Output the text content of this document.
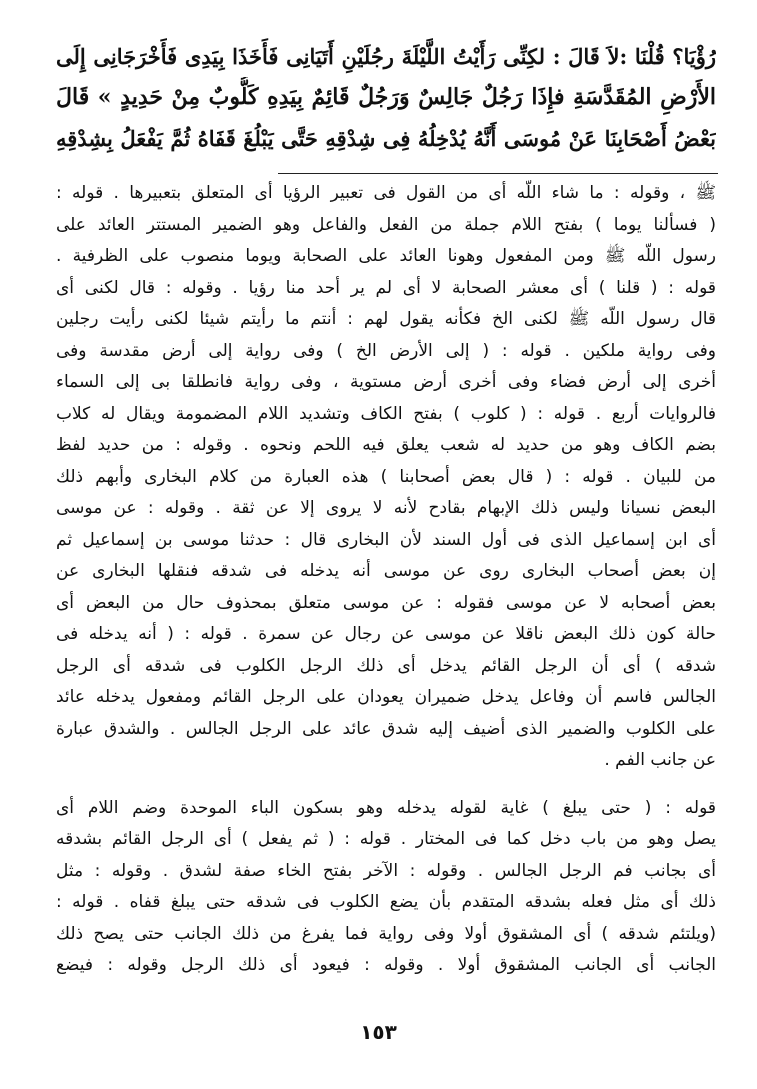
رُؤْيَا؟ قُلْنَا :لاَ قَالَ : لكِنِّى رَأَيْتُ اللَّيْلَةَ رجُلَيْنِ أَتَيَانِى فَأَخَذَا بِيَدِى فَأَخْرَجَانِى إِلَى
الأَرْضِ المُقَدَّسَةِ فإِذَا رَجُلٌ جَالِسٌ وَرَجُلٌ قَائِمٌ بِيَدِهِ كَلُّوبٌ مِنْ حَدِيدٍ » قَالَ
بَعْضُ أَصْحَابِنَا عَنْ مُوسَى أَنَّهُ يُدْخِلُهُ فِى شِدْقِهِ حَتَّى يَبْلُغَ قَفَاهُ ثُمَّ يَفْعَلُ بِشِدْقِهِ

ﷺ ، وقوله : ما شاء اللّه أى من القول فى تعبير الرؤيا أى المتعلق بتعبيرها . قوله :
( فسألنا يوما ) بفتح اللام جملة من الفعل والفاعل وهو الضمير المستتر العائد على
رسول اللّه ﷺ ومن المفعول وهونا العائد على الصحابة ويوما منصوب على الظرفية .
قوله : ( قلنا ) أى معشر الصحابة لا أى لم ير أحد منا رؤيا . وقوله : قال لكنى أى
قال رسول اللّه ﷺ لكنى الخ فكأنه يقول لهم : أنتم ما رأيتم شيئا لكنى رأيت رجلين
وفى رواية ملكين . قوله : ( إلى الأرض الخ ) وفى رواية إلى أرض مقدسة وفى
أخرى إلى أرض فضاء وفى أخرى أرض مستوية ، وفى رواية فانطلقا بى إلى السماء
فالروايات أربع . قوله : ( كلوب ) بفتح الكاف وتشديد اللام المضمومة ويقال له كلاب
بضم الكاف وهو من حديد له شعب يعلق فيه اللحم ونحوه . وقوله : من حديد لفظ
من للبيان . قوله : ( قال بعض أصحابنا ) هذه العبارة من كلام البخارى وأبهم ذلك
البعض نسيانا وليس ذلك الإبهام بقادح لأنه لا يروى إلا عن ثقة . وقوله : عن موسى
أى ابن إسماعيل الذى فى أول السند لأن البخارى قال : حدثنا موسى بن إسماعيل ثم
إن بعض أصحاب البخارى روى عن موسى أنه يدخله فى شدقه فنقلها البخارى عن
بعض أصحابه لا عن موسى فقوله : عن موسى متعلق بمحذوف حال من البعض أى
حالة كون ذلك البعض ناقلا عن موسى عن رجال عن سمرة . قوله : ( أنه يدخله فى
شدقه ) أى أن الرجل القائم يدخل أى ذلك الرجل الكلوب فى شدقه أى الرجل
الجالس فاسم أن وفاعل يدخل ضميران يعودان على الرجل القائم ومفعول يدخله عائد
على الكلوب والضمير الذى أضيف إليه شدق عائد على الرجل الجالس . والشدق عبارة
عن جانب الفم .

قوله : ( حتى يبلغ ) غاية لقوله يدخله وهو بسكون الباء الموحدة وضم اللام أى
يصل وهو من باب دخل كما فى المختار . قوله : ( ثم يفعل ) أى الرجل القائم بشدقه
أى بجانب فم الرجل الجالس . وقوله : الآخر بفتح الخاء صفة لشدق . وقوله : مثل
ذلك أى مثل فعله بشدقه المتقدم بأن يضع الكلوب فى شدقه حتى يبلغ قفاه . قوله :
(ويلتئم شدقه ) أى المشقوق أولا وفى رواية فما يفرغ من ذلك الجانب حتى يصح ذلك
الجانب أى الجانب المشقوق أولا . وقوله : فيعود أى ذلك الرجل وقوله : فيضع

١٥٣
